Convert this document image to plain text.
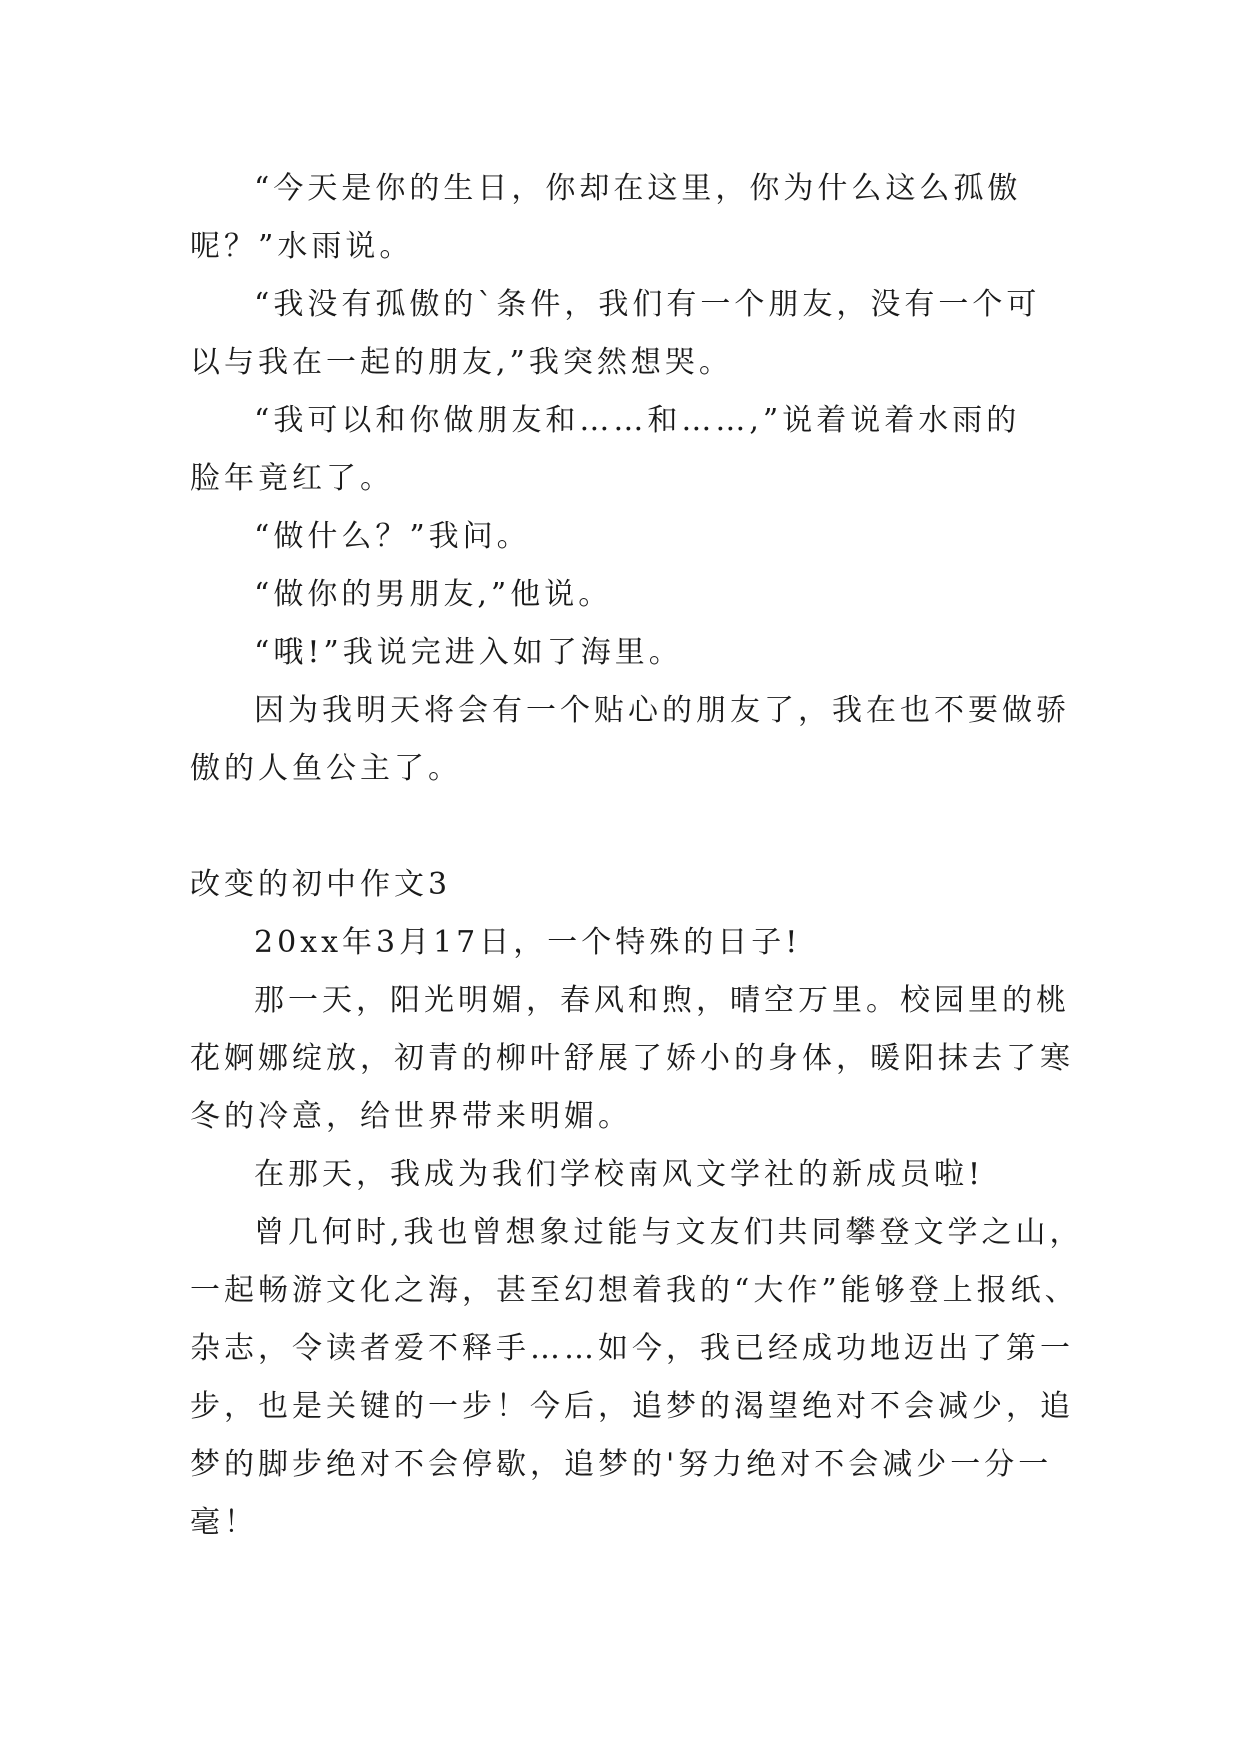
“今天是你的生日，你却在这里，你为什么这么孤傲

呢？”水雨说。

“我没有孤傲的`条件，我们有一个朋友，没有一个可

以与我在一起的朋友,”我突然想哭。

“我可以和你做朋友和……和……,”说着说着水雨的

脸年竟红了。

“做什么？”我问。

“做你的男朋友,”他说。

“哦!”我说完进入如了海里。

因为我明天将会有一个贴心的朋友了，我在也不要做骄

傲的人鱼公主了。

改变的初中作文3

20xx年3月17日，一个特殊的日子!

那一天，阳光明媚，春风和煦，晴空万里。校园里的桃

花婀娜绽放，初青的柳叶舒展了娇小的身体，暖阳抹去了寒

冬的冷意，给世界带来明媚。

在那天，我成为我们学校南风文学社的新成员啦!

曾几何时,我也曾想象过能与文友们共同攀登文学之山，

一起畅游文化之海，甚至幻想着我的“大作”能够登上报纸、

杂志，令读者爱不释手……如今，我已经成功地迈出了第一

步，也是关键的一步！今后，追梦的渴望绝对不会减少，追

梦的脚步绝对不会停歇，追梦的'努力绝对不会减少一分一

毫！
